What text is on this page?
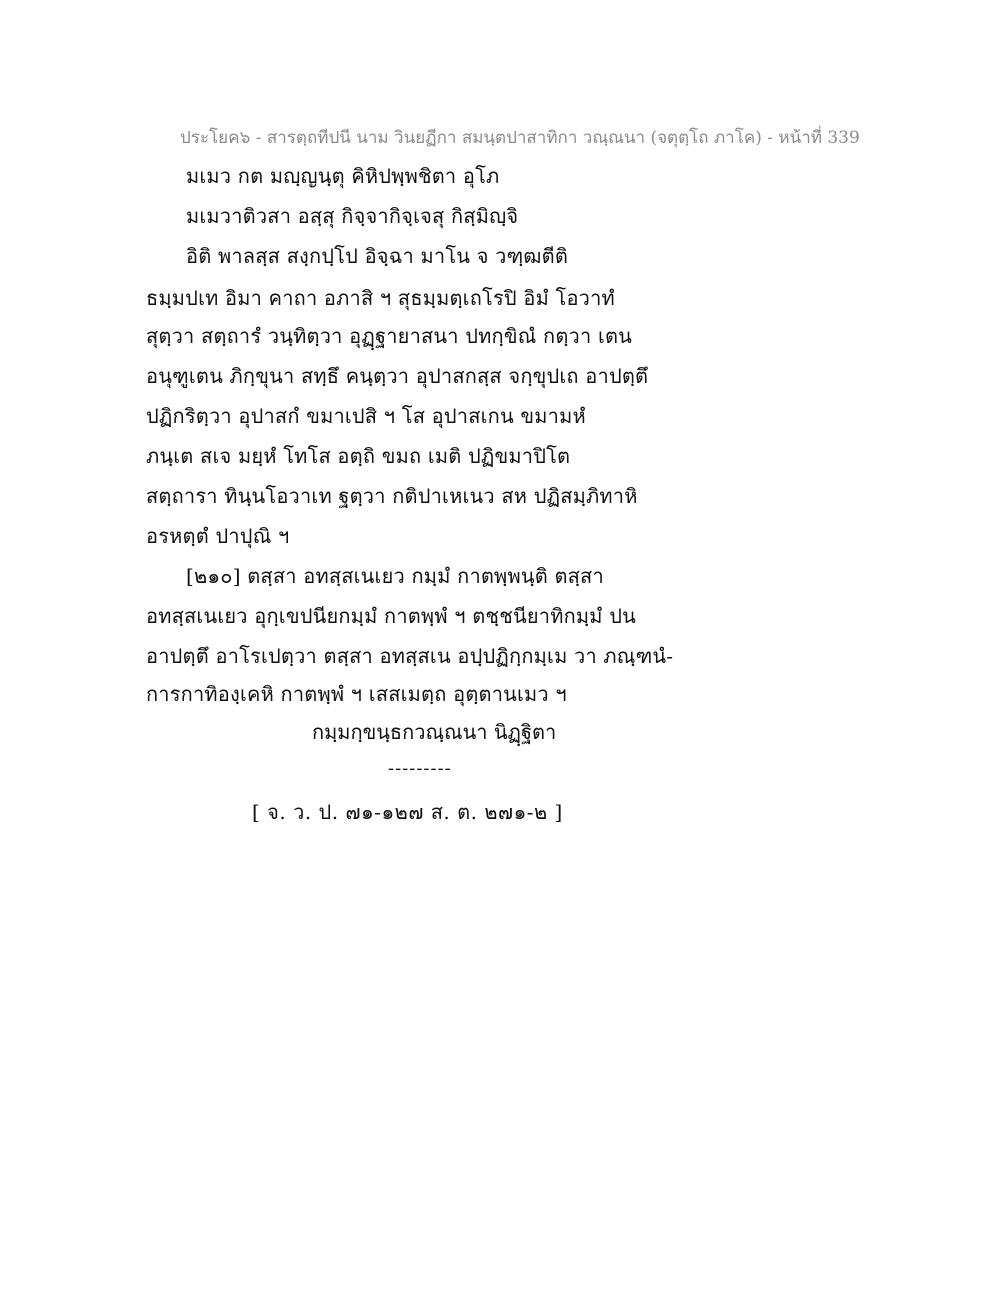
ประโยค๖ - สารตฺถทีปนี นาม วินยฏีกา สมนฺตปาสาทิกา วณฺณนา (จตุตฺโถ ภาโค) - หน้าที่ 339
มเมว กต มญฺญนฺตุ คิหิปพฺพชิตา อุโภ
มเมวาติวสา อสฺสุ กิจฺจากิจฺเจสุ กิสฺมิญฺจิ
อิติ พาลสฺส สงฺกปฺโป อิจฺฉา มาโน จ วฑฺฒตีติ
ธมฺมปเท อิมา คาถา อภาสิ ฯ สุธมฺมตฺเถโรปิ อิมํ โอวาทํ
สุตฺวา สตฺถารํ วนฺทิตฺวา อุฏฺฐายาสนา ปทกฺขิณํ กตฺวา เตน
อนุฑูเตน ภิกฺขุนา สทฺธึ คนฺตฺวา อุปาสกสฺส จกฺขุปเถ อาปตฺตึ
ปฏิกริตฺวา อุปาสกํ ขมาเปสิ ฯ โส อุปาสเกน ขมามหํ
ภนฺเต สเจ มยฺหํ โทโส อตฺถิ ขมถ เมติ ปฏิขมาปิโต
สตฺถารา ทินฺนโอวาเท ฐตฺวา กติปาเหเนว สห ปฏิสมฺภิทาหิ
อรหตฺตํ ปาปุณิ ฯ
[๒๑๐] ตสฺสา อทสฺสเนเยว กมฺมํ กาตพฺพนฺติ ตสฺสา
อทสฺสเนเยว อุกฺเขปนียกมฺมํ กาตพฺพํ ฯ ตชฺชนียาทิกมฺมํ ปน
อาปตฺตึ อาโรเปตฺวา ตสฺสา อทสฺสเน อปฺปฏิกฺกมฺเม วา ภณฺฑนํ-
การกาทิองฺเคหิ กาตพฺพํ ฯ เสสเมตฺถ อุตฺตานเมว ฯ
กมฺมกฺขนฺธกวณฺณนา นิฏฺฐิตา
---------
[ จ. ว. ป. ๗๑-๑๒๗ ส. ต. ๒๗๑-๒ ]
